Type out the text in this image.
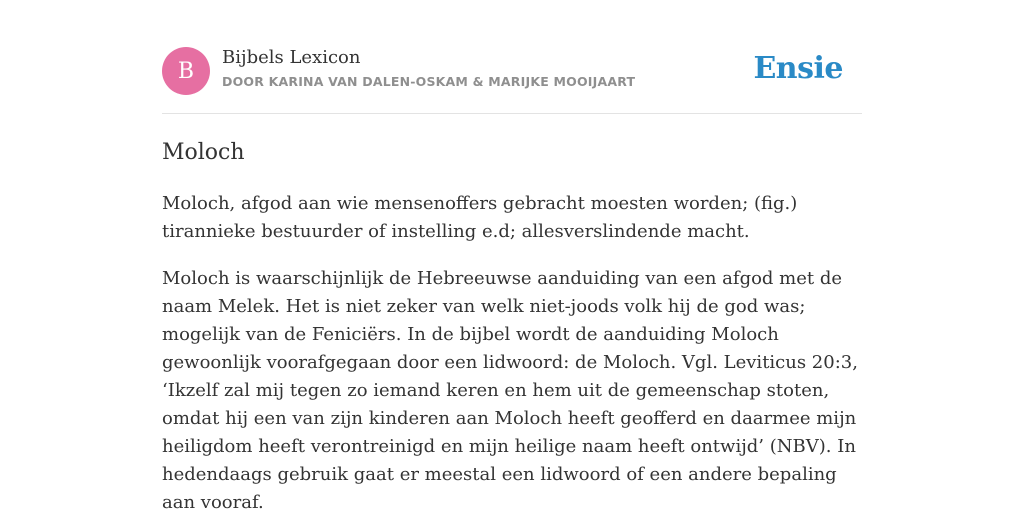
B
Bijbels Lexicon
DOOR KARINA VAN DALEN-OSKAM & MARIJKE MOOIJAART	Ensie
Moloch

Moloch, afgod aan wie mensenoffers gebracht moesten worden; (fig.) tirannieke bestuurder of instelling e.d; allesverslindende macht.

Moloch is waarschijnlijk de Hebreeuwse aanduiding van een afgod met de naam Melek. Het is niet zeker van welk niet-joods volk hij de god was; mogelijk van de Feniciërs. In de bijbel wordt de aanduiding Moloch gewoonlijk voorafgegaan door een lidwoord: de Moloch. Vgl. Leviticus 20:3, ‘Ikzelf zal mij tegen zo iemand keren en hem uit de gemeenschap stoten, omdat hij een van zijn kinderen aan Moloch heeft geofferd en daarmee mijn heiligdom heeft verontreinigd en mijn heilige naam heeft ontwijd’ (NBV). In hedendaags gebruik gaat er meestal een lidwoord of een andere bepaling aan vooraf.
